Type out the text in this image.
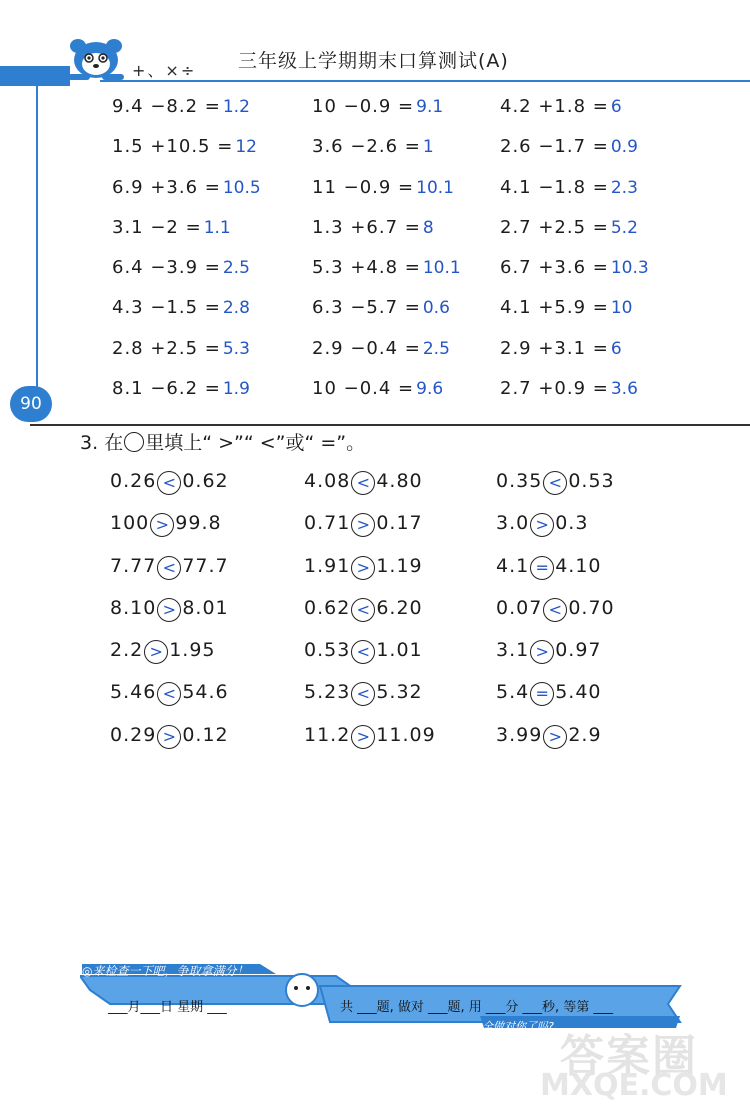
+、×÷ 三年级上学期期末口算测试(A)
90
9.4 −8.2 = 1.2	10 −0.9 = 9.1	4.2 +1.8 = 6
1.5 +10.5 = 12	3.6 −2.6 = 1	2.6 −1.7 = 0.9
6.9 +3.6 = 10.5	11 −0.9 = 10.1	4.1 −1.8 = 2.3
3.1 −2 = 1.1	1.3 +6.7 = 8	2.7 +2.5 = 5.2
6.4 −3.9 = 2.5	5.3 +4.8 = 10.1 6.7 +3.6 = 10.3
4.3 −1.5 = 2.8	6.3 −5.7 = 0.6	4.1 +5.9 = 10
2.8 +2.5 = 5.3	2.9 −0.4 = 2.5	2.9 +3.1 = 6
8.1 −6.2 = 1.9	10 −0.4 = 9.6	2.7 +0.9 = 3.6
3. 在 里填上“ >”“ <”或“ =”。
0.26 < 0.62	4.08 < 4.80	0.35 < 0.53
100 > 99.8	0.71 > 0.17	3.0 > 0.3
7.77 < 77.7	1.91 > 1.19	4.1 = 4.10
8.10 > 8.01	0.62 < 6.20	0.07 < 0.70
2.2 > 1.95	0.53 < 1.01	3.1 > 0.97
5.46 < 54.6	5.23 < 5.32	5.4 = 5.40
0.29 > 0.12	11.2 > 11.09	3.99 > 2.9
◎来检查一下吧，争取拿满分！
___月___日 星期 ___	共 ___题, 做对 ___题, 用 ___分 ___秒, 等第 ___
全做对你了吗?
答案圈
MXQE.COM
